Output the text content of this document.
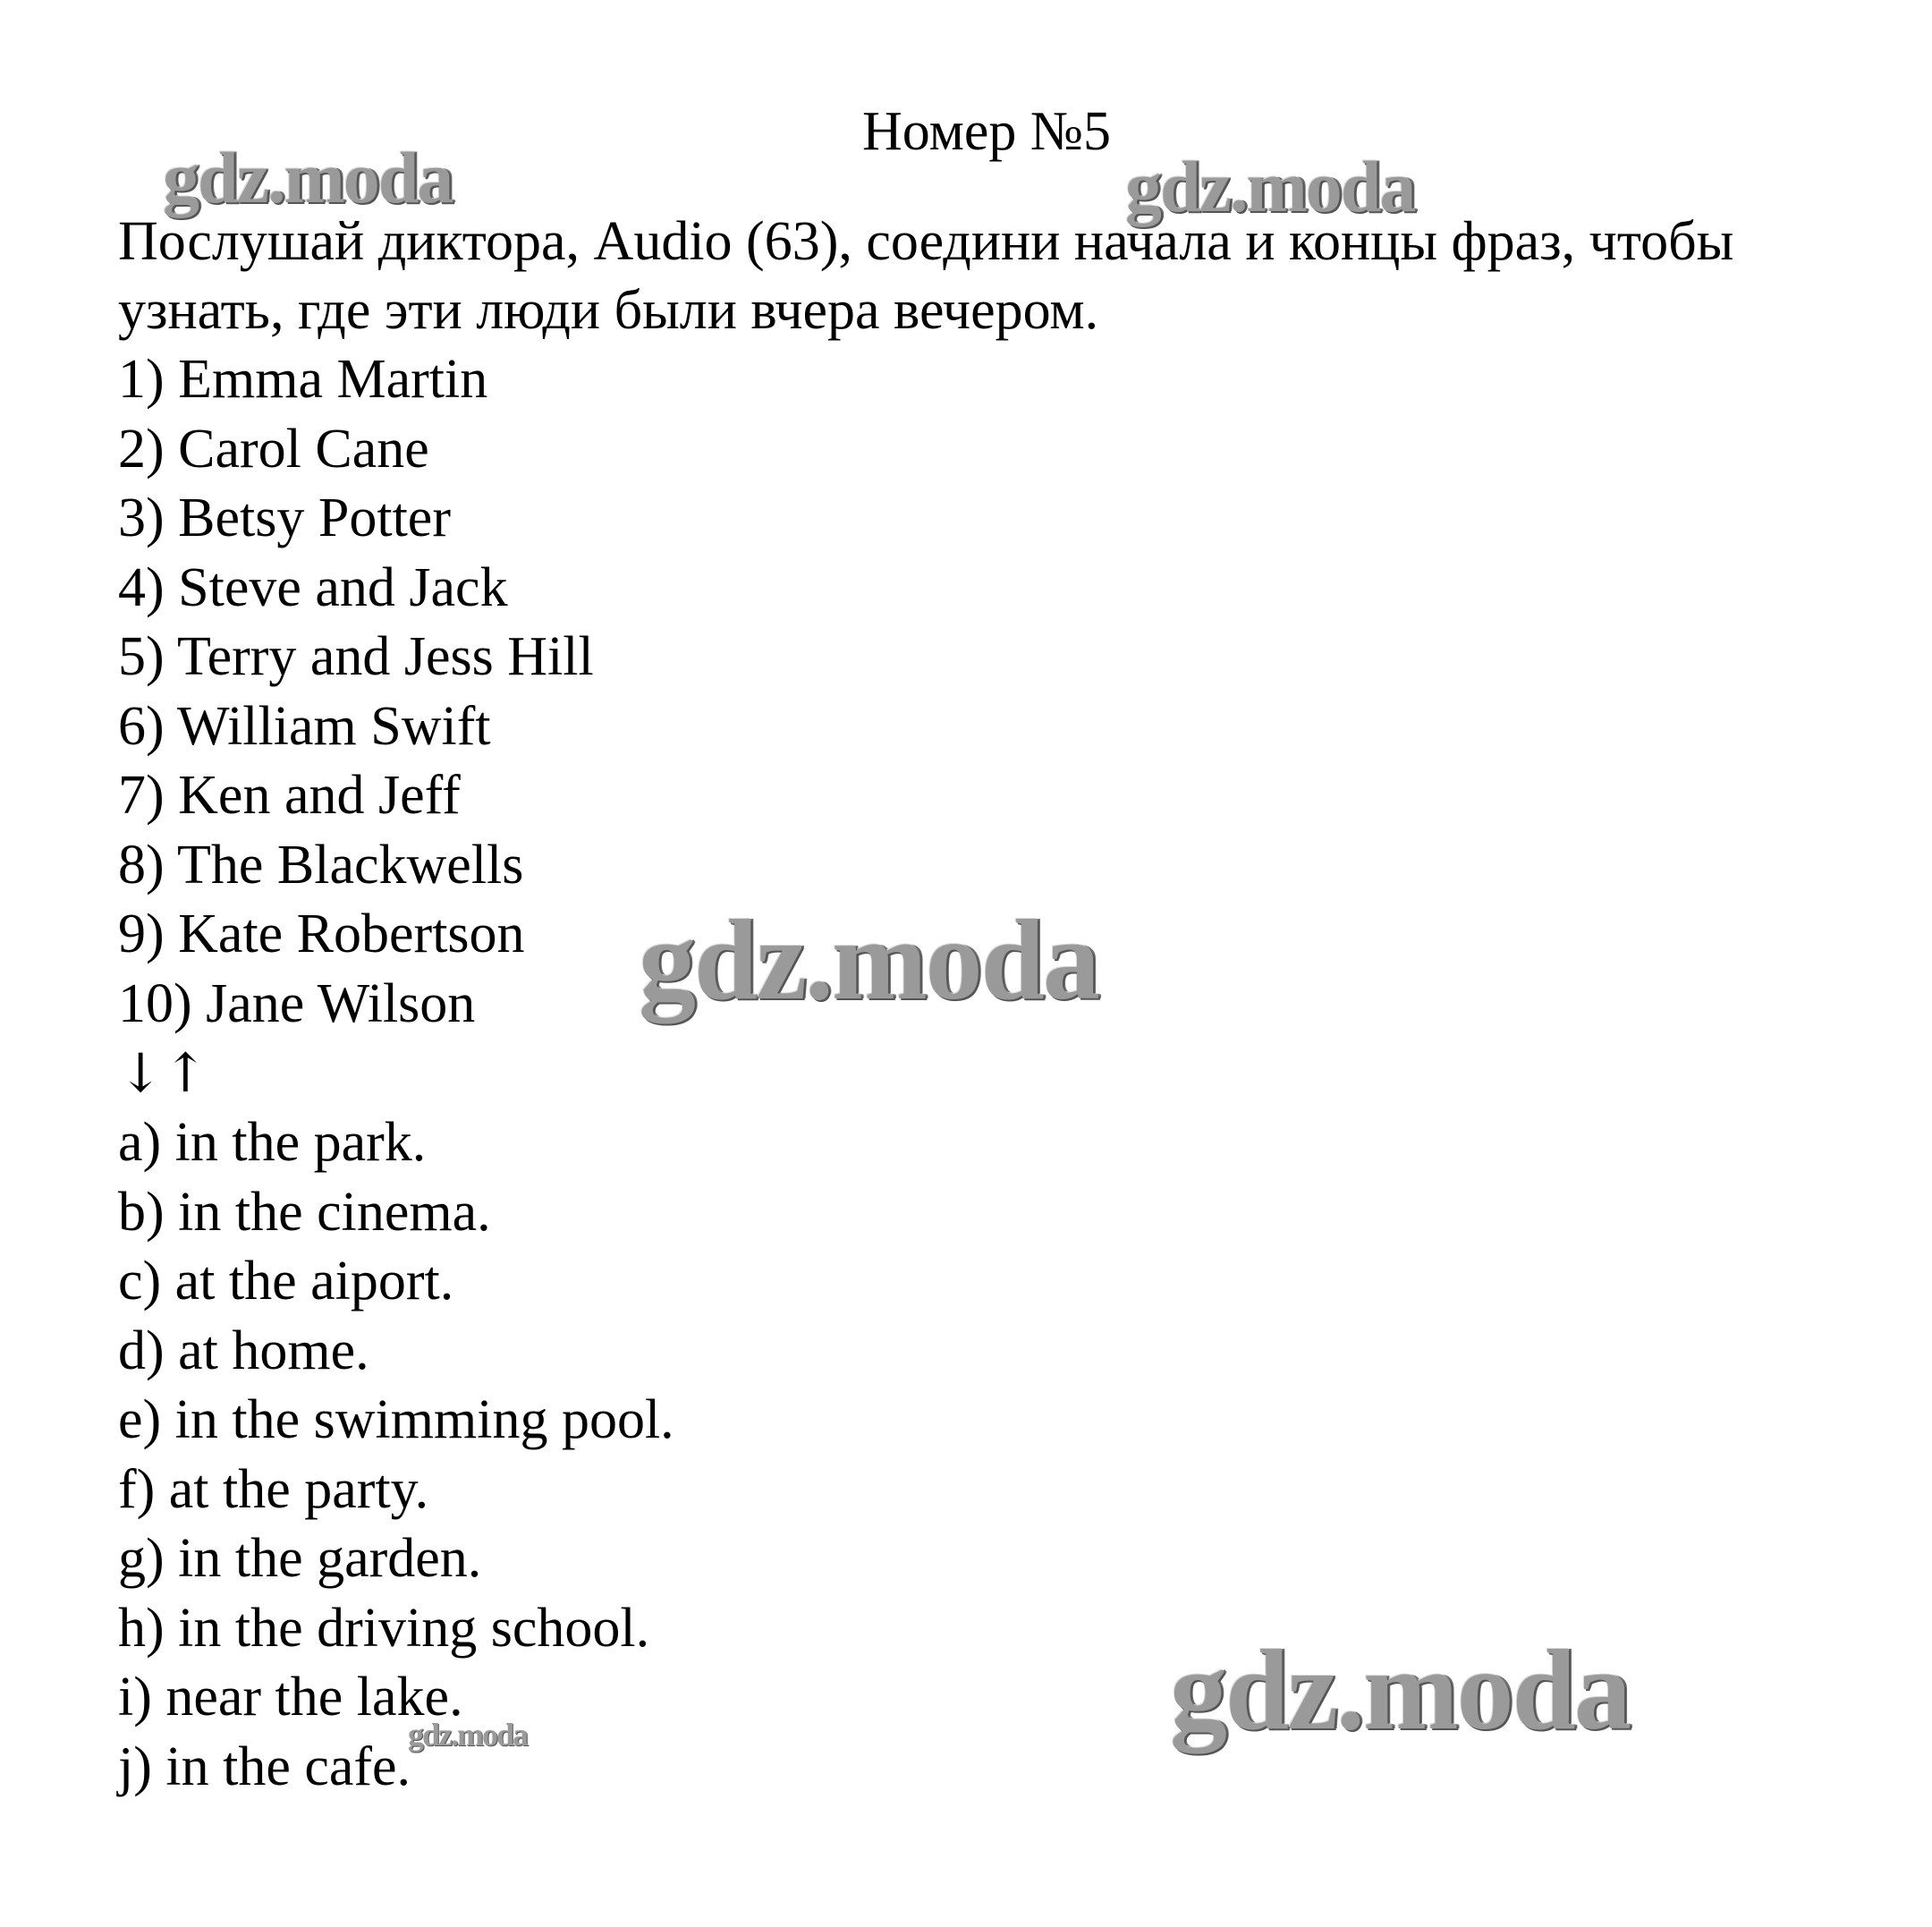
Номер №5
Послушай диктора, Audio (63), соедини начала и концы фраз, чтобы узнать, где эти люди были вчера вечером.
1) Emma Martin
2) Carol Cane
3) Betsy Potter
4) Steve and Jack
5) Terry and Jess Hill
6) William Swift
7) Ken and Jeff
8) The Blackwells
9) Kate Robertson
10) Jane Wilson
↓↑
a) in the park.
b) in the cinema.
c) at the aiport.
d) at home.
e) in the swimming pool.
f) at the party.
g) in the garden.
h) in the driving school.
i) near the lake.
j) in the cafe.
gdz.moda	gdz.moda
gdz.moda
gdz.moda
gdz.moda
